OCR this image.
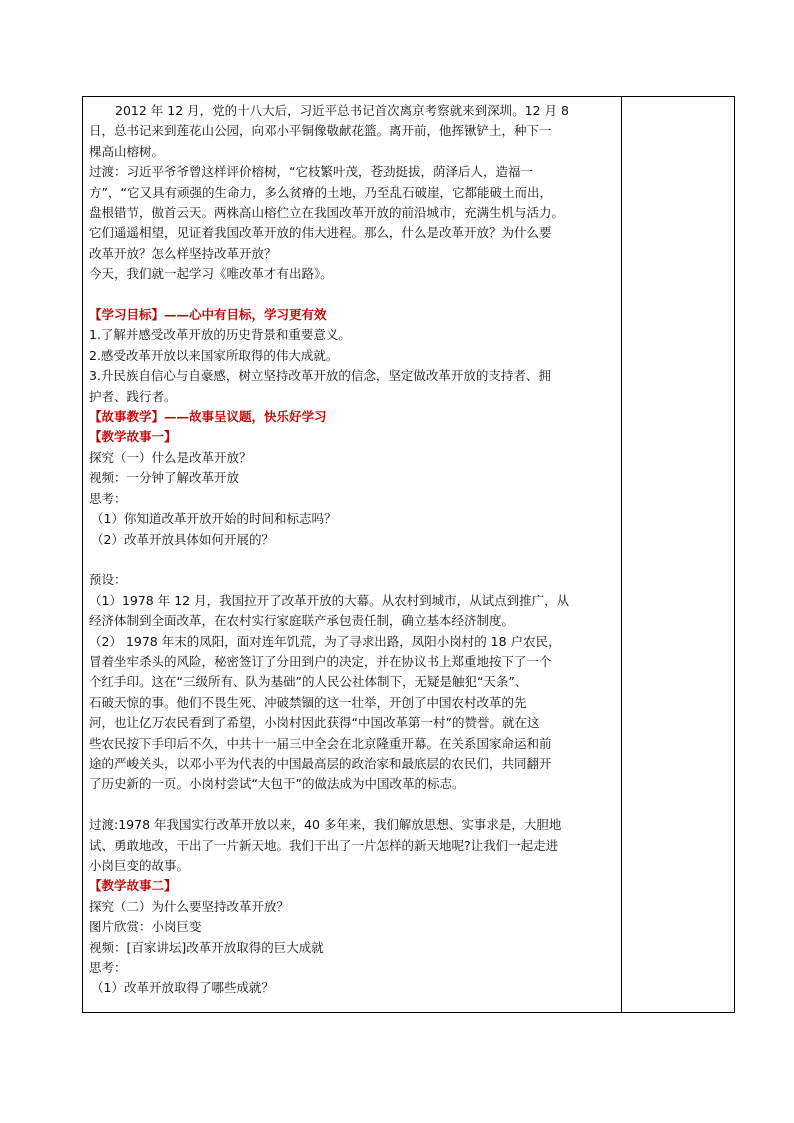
2012 年 12 月，党的十八大后，习近平总书记首次离京考察就来到深圳。12 月 8

日，总书记来到莲花山公园，向邓小平铜像敬献花篮。离开前，他挥锹铲土，种下一

棵高山榕树。

过渡：习近平爷爷曾这样评价榕树，“它枝繁叶茂，苍劲挺拔，荫泽后人，造福一

方”，“它又具有顽强的生命力，多么贫瘠的土地，乃至乱石破崖，它都能破土而出，

盘根错节，傲首云天。两株高山榕伫立在我国改革开放的前沿城市，充满生机与活力。

它们遥遥相望，见证着我国改革开放的伟大进程。那么，什么是改革开放？为什么要

改革开放？怎么样坚持改革开放？

今天，我们就一起学习《唯改革才有出路》。

【学习目标】——心中有目标，学习更有效

1.了解并感受改革开放的历史背景和重要意义。

2.感受改革开放以来国家所取得的伟大成就。

3.升民族自信心与自豪感，树立坚持改革开放的信念，坚定做改革开放的支持者、拥

护者、践行者。

【故事教学】——故事呈议题，快乐好学习

【教学故事一】

探究（一）什么是改革开放？

视频：一分钟了解改革开放

思考：

（1）你知道改革开放开始的时间和标志吗？

（2）改革开放具体如何开展的？

预设：

（1）1978 年 12 月，我国拉开了改革开放的大幕。从农村到城市，从试点到推广，从

经济体制到全面改革，在农村实行家庭联产承包责任制，确立基本经济制度。

（2） 1978 年末的凤阳，面对连年饥荒，为了寻求出路，凤阳小岗村的 18 户农民，

冒着坐牢杀头的风险，秘密签订了分田到户的决定，并在协议书上郑重地按下了一个

个红手印。这在“三级所有、队为基础”的人民公社体制下，无疑是触犯“天条”、

石破天惊的事。他们不畏生死、冲破禁锢的这一壮举，开创了中国农村改革的先

河，也让亿万农民看到了希望，小岗村因此获得“中国改革第一村”的赞誉。就在这

些农民按下手印后不久，中共十一届三中全会在北京隆重开幕。在关系国家命运和前

途的严峻关头，以邓小平为代表的中国最高层的政治家和最底层的农民们，共同翻开

了历史新的一页。小岗村尝试“大包干”的做法成为中国改革的标志。

过渡:1978 年我国实行改革开放以来，40 多年来，我们解放思想、实事求是，大胆地

试、勇敢地改，干出了一片新天地。我们干出了一片怎样的新天地呢?让我们一起走进

小岗巨变的故事。

【教学故事二】

探究（二）为什么要坚持改革开放？

图片欣赏：小岗巨变

视频：[百家讲坛]改革开放取得的巨大成就

思考：

（1）改革开放取得了哪些成就？
